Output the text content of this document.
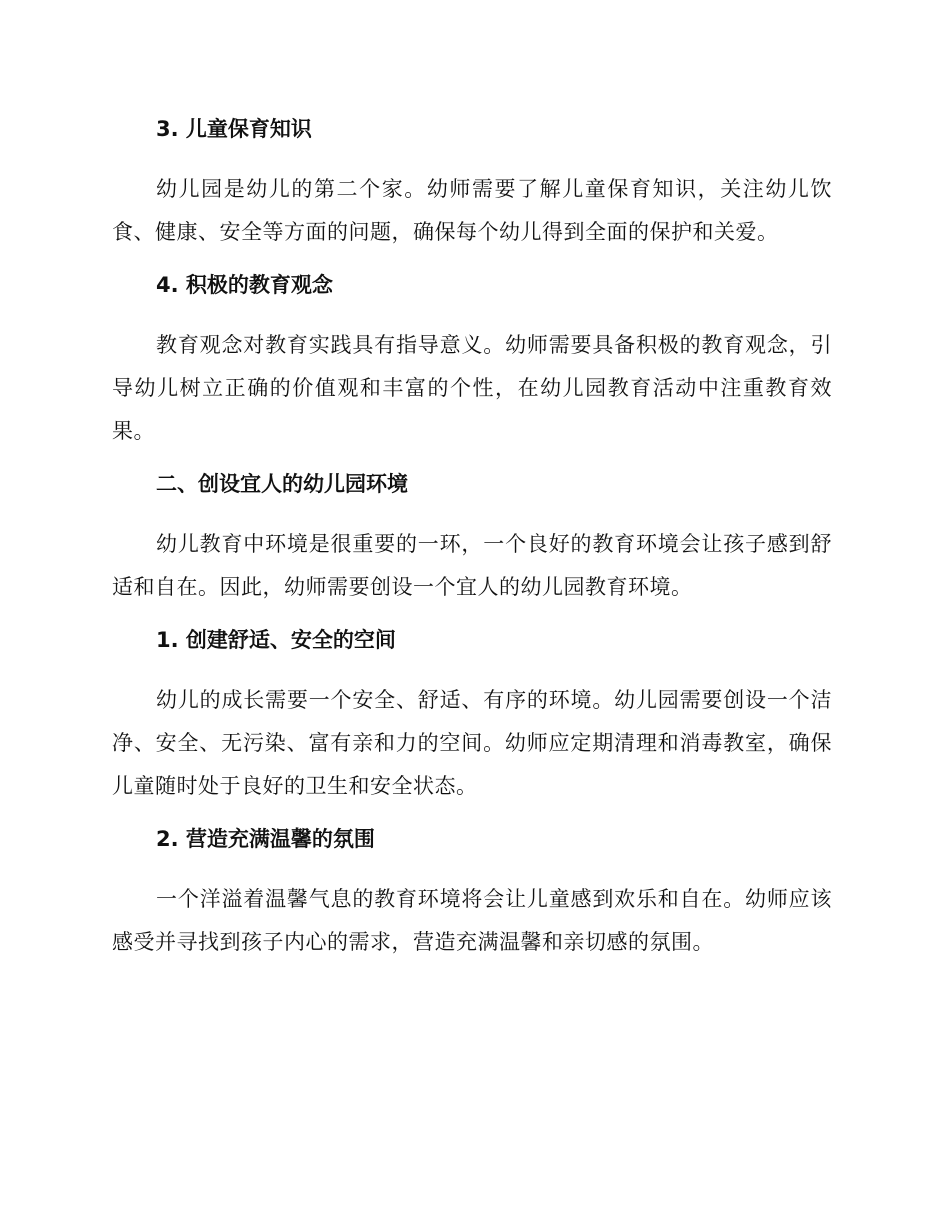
3. 儿童保育知识

幼儿园是幼儿的第二个家。幼师需要了解儿童保育知识，关注幼儿饮食、健康、安全等方面的问题，确保每个幼儿得到全面的保护和关爱。

4. 积极的教育观念

教育观念对教育实践具有指导意义。幼师需要具备积极的教育观念，引导幼儿树立正确的价值观和丰富的个性，在幼儿园教育活动中注重教育效果。

二、创设宜人的幼儿园环境

幼儿教育中环境是很重要的一环，一个良好的教育环境会让孩子感到舒适和自在。因此，幼师需要创设一个宜人的幼儿园教育环境。

1. 创建舒适、安全的空间

幼儿的成长需要一个安全、舒适、有序的环境。幼儿园需要创设一个洁净、安全、无污染、富有亲和力的空间。幼师应定期清理和消毒教室，确保儿童随时处于良好的卫生和安全状态。

2. 营造充满温馨的氛围

一个洋溢着温馨气息的教育环境将会让儿童感到欢乐和自在。幼师应该感受并寻找到孩子内心的需求，营造充满温馨和亲切感的氛围。
